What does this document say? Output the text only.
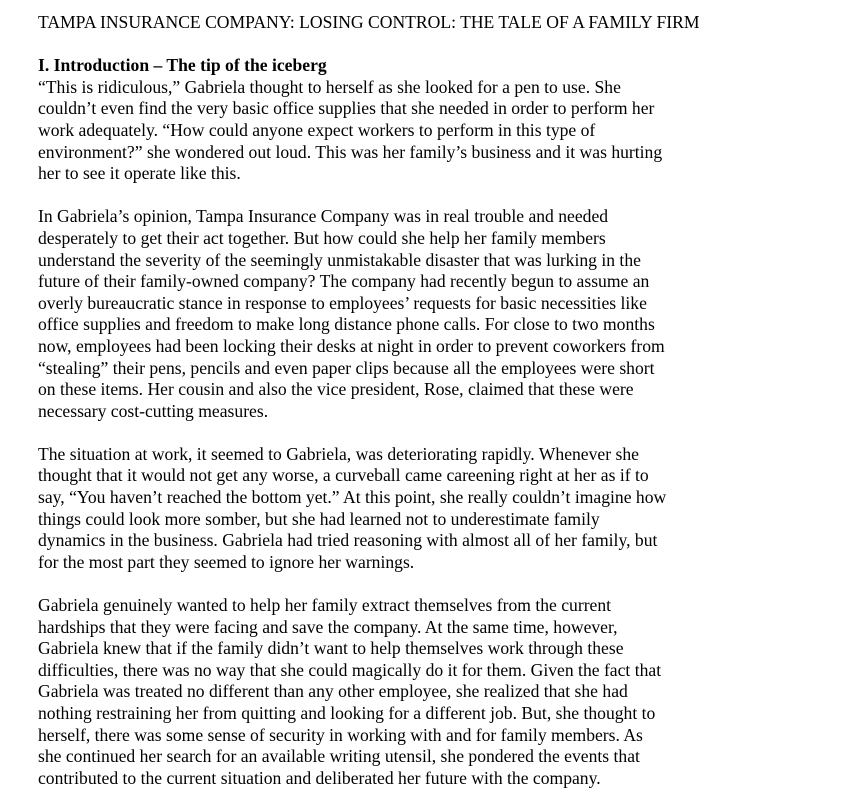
TAMPA INSURANCE COMPANY: LOSING CONTROL: THE TALE OF A FAMILY FIRM
I. Introduction – The tip of the iceberg
“This is ridiculous,” Gabriela thought to herself as she looked for a pen to use. She
couldn’t even find the very basic office supplies that she needed in order to perform her
work adequately. “How could anyone expect workers to perform in this type of
environment?” she wondered out loud. This was her family’s business and it was hurting
her to see it operate like this.
In Gabriela’s opinion, Tampa Insurance Company was in real trouble and needed
desperately to get their act together. But how could she help her family members
understand the severity of the seemingly unmistakable disaster that was lurking in the
future of their family-owned company? The company had recently begun to assume an
overly bureaucratic stance in response to employees’ requests for basic necessities like
office supplies and freedom to make long distance phone calls. For close to two months
now, employees had been locking their desks at night in order to prevent coworkers from
“stealing” their pens, pencils and even paper clips because all the employees were short
on these items. Her cousin and also the vice president, Rose, claimed that these were
necessary cost-cutting measures.
The situation at work, it seemed to Gabriela, was deteriorating rapidly. Whenever she
thought that it would not get any worse, a curveball came careening right at her as if to
say, “You haven’t reached the bottom yet.” At this point, she really couldn’t imagine how
things could look more somber, but she had learned not to underestimate family
dynamics in the business. Gabriela had tried reasoning with almost all of her family, but
for the most part they seemed to ignore her warnings.
Gabriela genuinely wanted to help her family extract themselves from the current
hardships that they were facing and save the company. At the same time, however,
Gabriela knew that if the family didn’t want to help themselves work through these
difficulties, there was no way that she could magically do it for them. Given the fact that
Gabriela was treated no different than any other employee, she realized that she had
nothing restraining her from quitting and looking for a different job. But, she thought to
herself, there was some sense of security in working with and for family members. As
she continued her search for an available writing utensil, she pondered the events that
contributed to the current situation and deliberated her future with the company.
